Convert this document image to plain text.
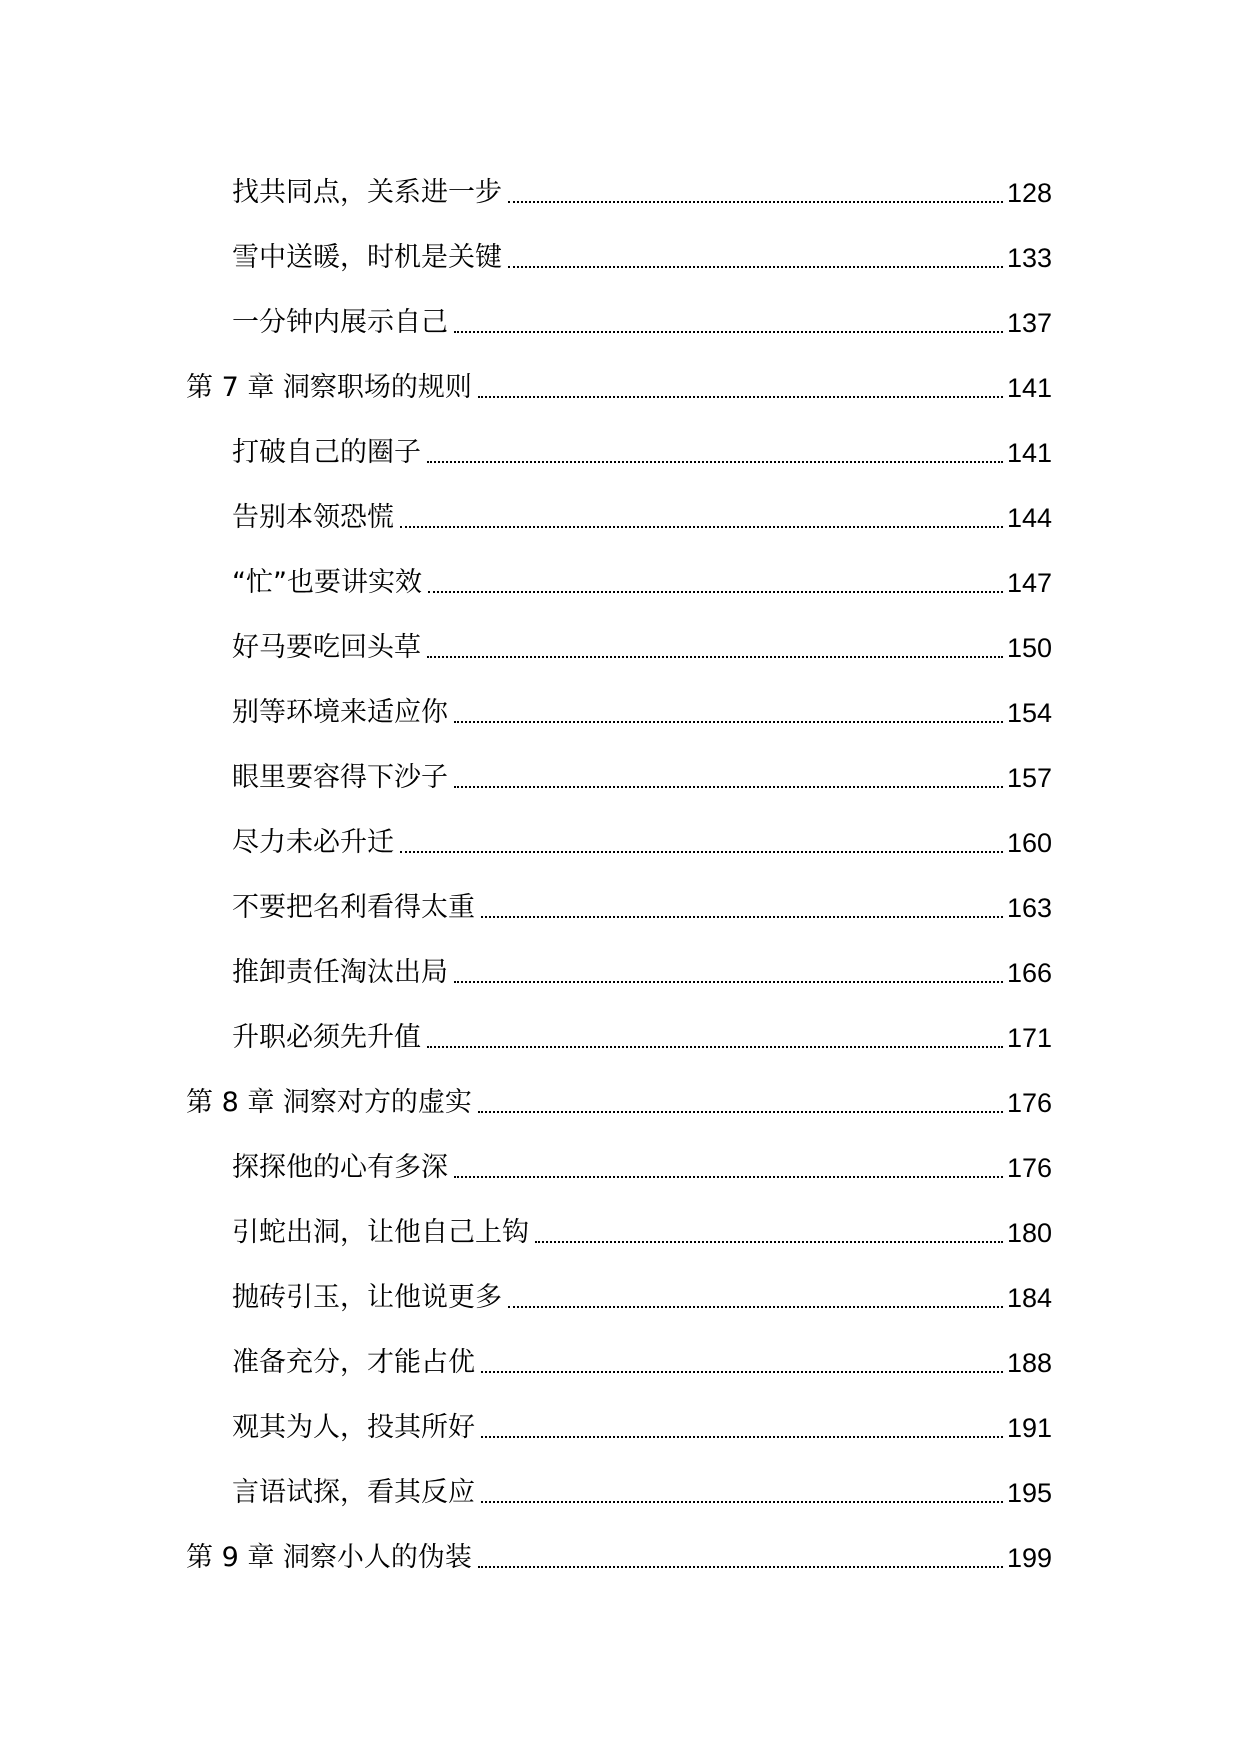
找共同点，关系进一步	128
雪中送暖，时机是关键	133
一分钟内展示自己	137
第 7 章 洞察职场的规则	141
打破自己的圈子	141
告别本领恐慌	144
“忙”也要讲实效	147
好马要吃回头草	150
别等环境来适应你	154
眼里要容得下沙子	157
尽力未必升迁	160
不要把名利看得太重	163
推卸责任淘汰出局	166
升职必须先升值	171
第 8 章 洞察对方的虚实	176
探探他的心有多深	176
引蛇出洞，让他自己上钩	180
抛砖引玉，让他说更多	184
准备充分，才能占优	188
观其为人，投其所好	191
言语试探，看其反应	195
第 9 章 洞察小人的伪装	199
